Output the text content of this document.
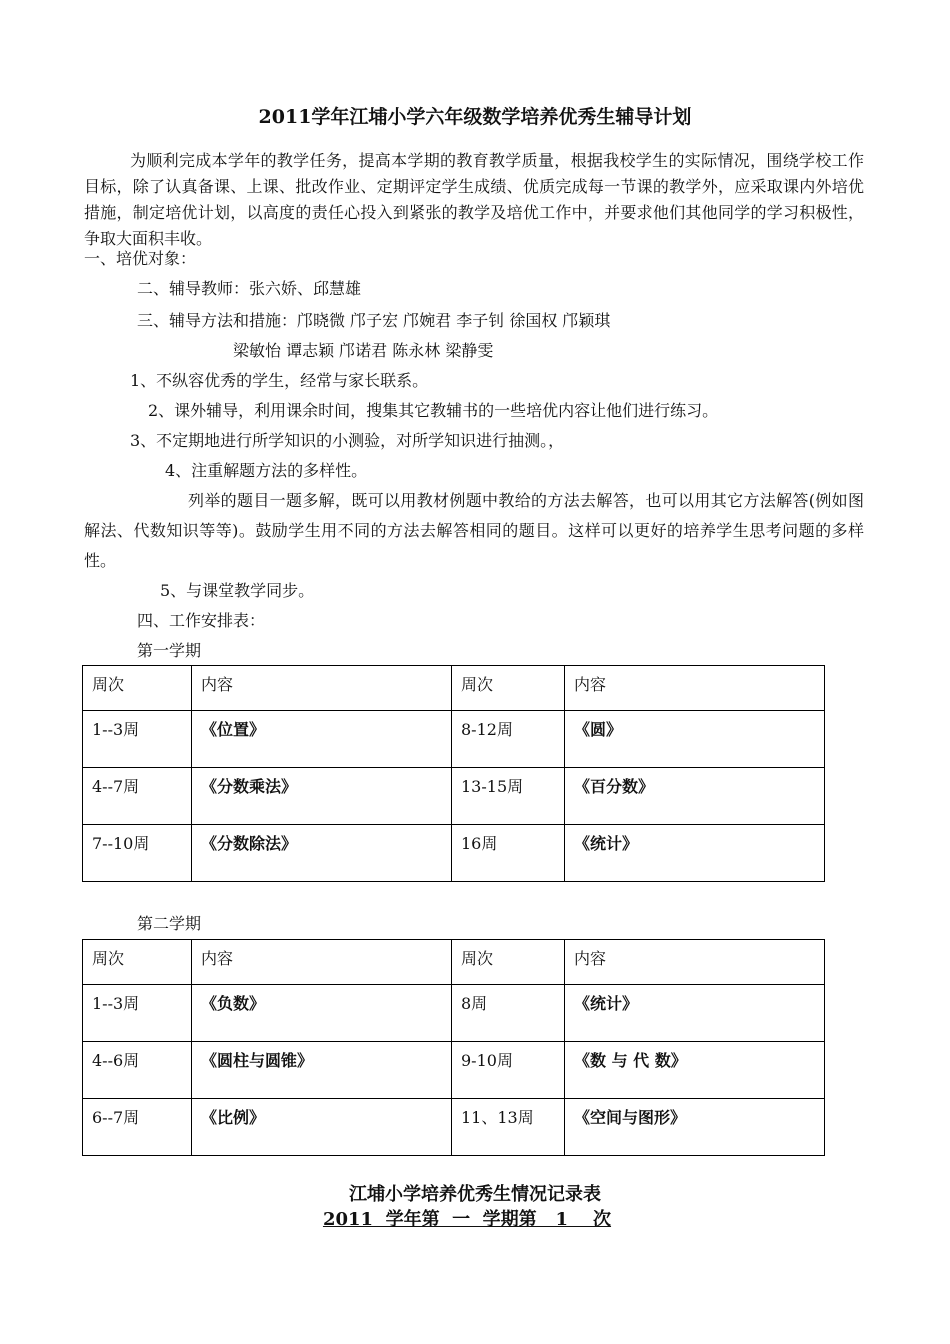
2011学年江埔小学六年级数学培养优秀生辅导计划
为顺利完成本学年的教学任务，提高本学期的教育教学质量，根据我校学生的实际情况，围绕学校工作目标，除了认真备课、上课、批改作业、定期评定学生成绩、优质完成每一节课的教学外，应采取课内外培优措施，制定培优计划，以高度的责任心投入到紧张的教学及培优工作中，并要求他们其他同学的学习积极性，争取大面积丰收。
一、培优对象：
二、辅导教师：张六娇、邱慧雄
三、辅导方法和措施：邝晓微 邝子宏 邝婉君 李子钊 徐国权 邝颖琪
梁敏怡 谭志颖 邝诺君 陈永林 梁静雯
1、不纵容优秀的学生，经常与家长联系。
2、课外辅导，利用课余时间，搜集其它教辅书的一些培优内容让他们进行练习。
3、不定期地进行所学知识的小测验，对所学知识进行抽测。，
4、注重解题方法的多样性。
列举的题目一题多解，既可以用教材例题中教给的方法去解答，也可以用其它方法解答(例如图解法、代数知识等等)。鼓励学生用不同的方法去解答相同的题目。这样可以更好的培养学生思考问题的多样性。
5、与课堂教学同步。
四、工作安排表：
第一学期
周次	内容	周次	内容
1--3周	《位置》	8-12周	《圆》
4--7周	《分数乘法》	13-15周	《百分数》
7--10周	《分数除法》	16周	《统计》
第二学期
周次	内容	周次	内容
1--3周	《负数》	8周	《统计》
4--6周	《圆柱与圆锥》	9-10周	《数 与 代 数》
6--7周	《比例》	11、13周	《空间与图形》
江埔小学培养优秀生情况记录表
2011  学年第  一  学期第   1    次
